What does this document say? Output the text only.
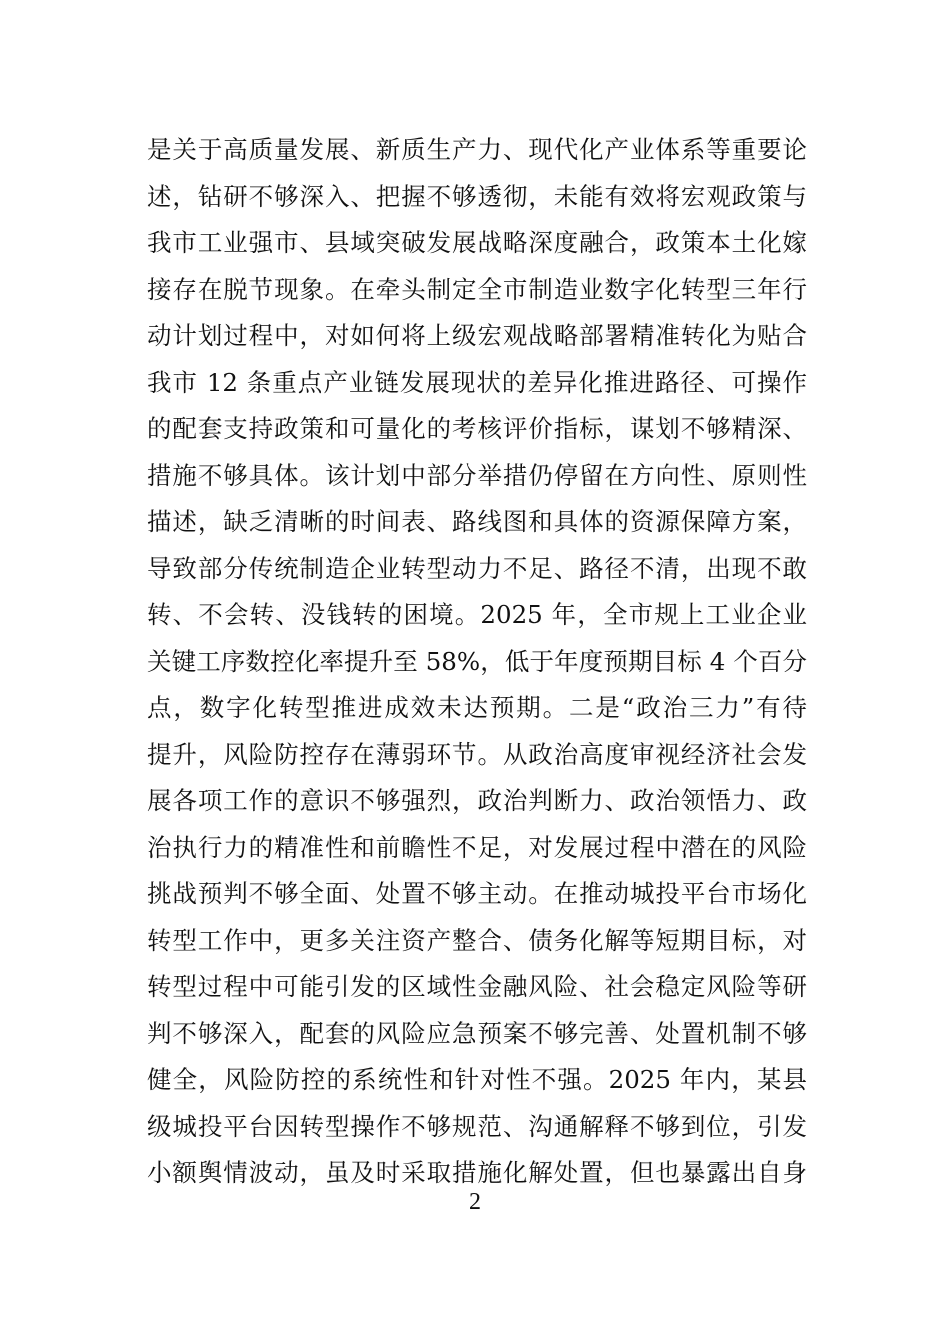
是关于高质量发展、新质生产力、现代化产业体系等重要论
述，钻研不够深入、把握不够透彻，未能有效将宏观政策与
我市工业强市、县域突破发展战略深度融合，政策本土化嫁
接存在脱节现象。在牵头制定全市制造业数字化转型三年行
动计划过程中，对如何将上级宏观战略部署精准转化为贴合
我市 12 条重点产业链发展现状的差异化推进路径、可操作
的配套支持政策和可量化的考核评价指标，谋划不够精深、
措施不够具体。该计划中部分举措仍停留在方向性、原则性
描述，缺乏清晰的时间表、路线图和具体的资源保障方案，
导致部分传统制造企业转型动力不足、路径不清，出现不敢
转、不会转、没钱转的困境。2025 年，全市规上工业企业
关键工序数控化率提升至 58%，低于年度预期目标 4 个百分
点，数字化转型推进成效未达预期。二是“政治三力”有待
提升，风险防控存在薄弱环节。从政治高度审视经济社会发
展各项工作的意识不够强烈，政治判断力、政治领悟力、政
治执行力的精准性和前瞻性不足，对发展过程中潜在的风险
挑战预判不够全面、处置不够主动。在推动城投平台市场化
转型工作中，更多关注资产整合、债务化解等短期目标，对
转型过程中可能引发的区域性金融风险、社会稳定风险等研
判不够深入，配套的风险应急预案不够完善、处置机制不够
健全，风险防控的系统性和针对性不强。2025 年内，某县
级城投平台因转型操作不够规范、沟通解释不够到位，引发
小额舆情波动，虽及时采取措施化解处置，但也暴露出自身
2
